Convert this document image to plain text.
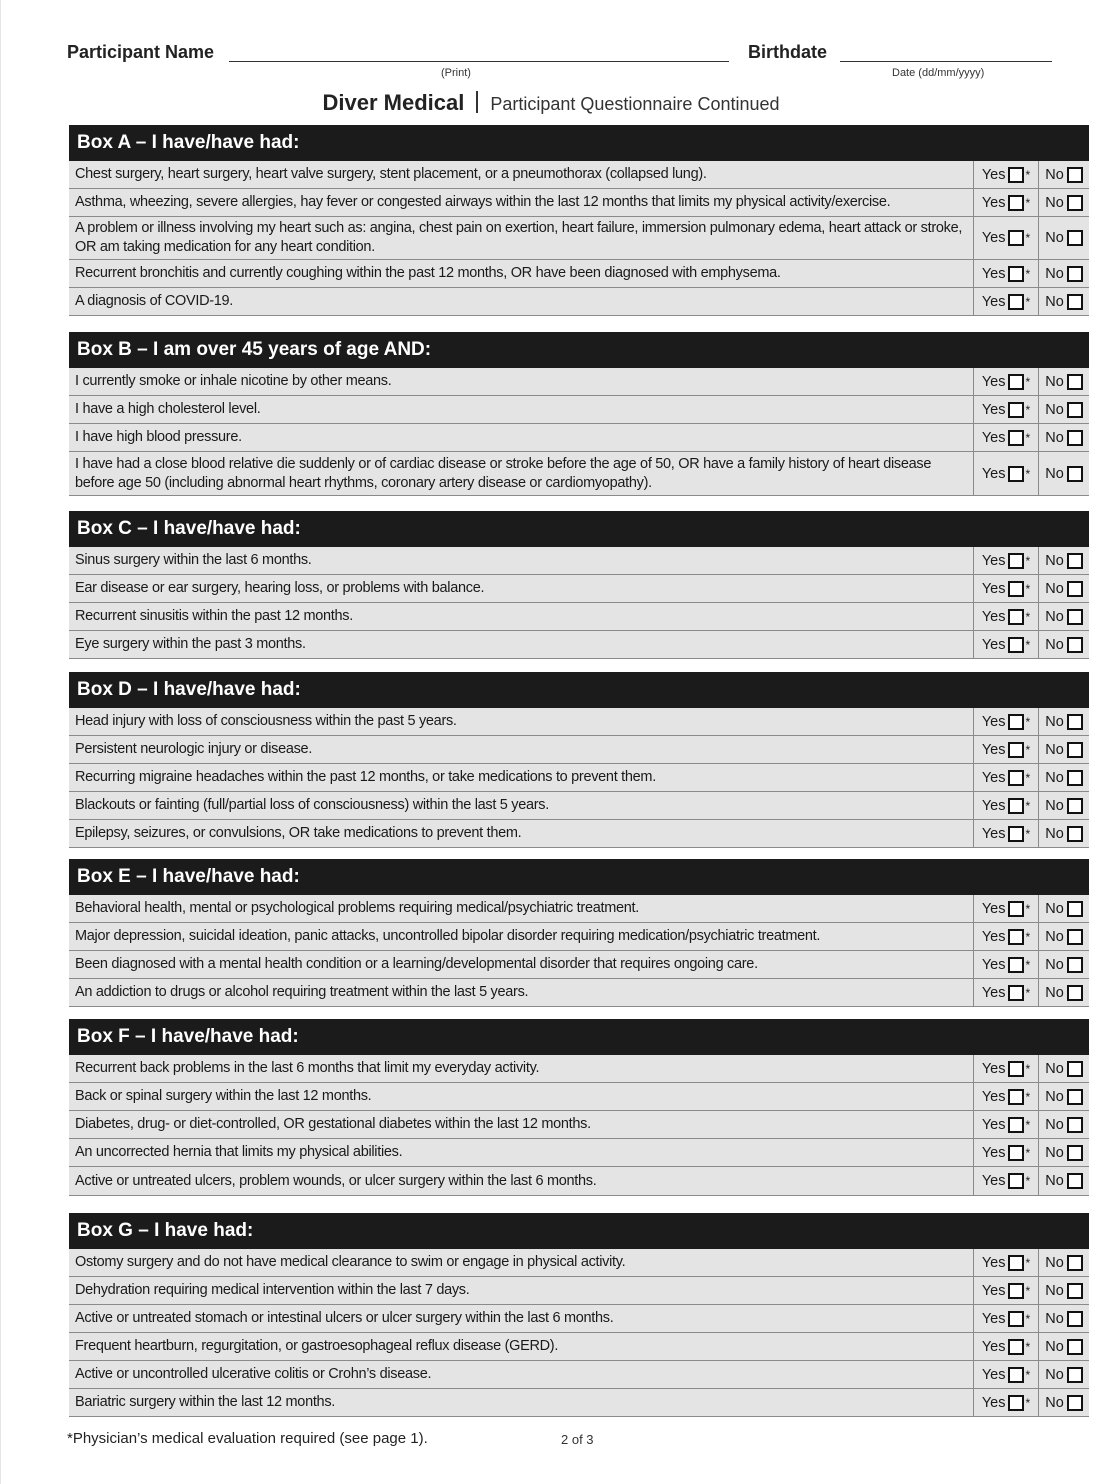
Participant Name
(Print)
Birthdate
Date (dd/mm/yyyy)
Diver Medical Participant Questionnaire Continued
Box A – I have/have had:
Chest surgery, heart surgery, heart valve surgery, stent placement, or a pneumothorax (collapsed lung).	Yes * No
Asthma, wheezing, severe allergies, hay fever or congested airways within the last 12 months that limits my physical activity/exercise.	Yes * No
A problem or illness involving my heart such as: angina, chest pain on exertion, heart failure, immersion pulmonary edema, heart attack or stroke, OR am taking medication for any heart condition.
Yes * No
Recurrent bronchitis and currently coughing within the past 12 months, OR have been diagnosed with emphysema.	Yes * No
A diagnosis of COVID-19.	Yes * No
Box B – I am over 45 years of age AND:
I currently smoke or inhale nicotine by other means.	Yes * No
I have a high cholesterol level.	Yes * No
I have high blood pressure.	Yes * No
I have had a close blood relative die suddenly or of cardiac disease or stroke before the age of 50, OR have a family history of heart disease before age 50 (including abnormal heart rhythms, coronary artery disease or cardiomyopathy).
Yes * No
Box C – I have/have had:
Sinus surgery within the last 6 months.	Yes * No
Ear disease or ear surgery, hearing loss, or problems with balance.	Yes * No
Recurrent sinusitis within the past 12 months.	Yes * No
Eye surgery within the past 3 months.	Yes * No
Box D – I have/have had:
Head injury with loss of consciousness within the past 5 years.	Yes * No
Persistent neurologic injury or disease.	Yes * No
Recurring migraine headaches within the past 12 months, or take medications to prevent them.	Yes * No
Blackouts or fainting (full/partial loss of consciousness) within the last 5 years.	Yes * No
Epilepsy, seizures, or convulsions, OR take medications to prevent them.	Yes * No
Box E – I have/have had:
Behavioral health, mental or psychological problems requiring medical/psychiatric treatment.	Yes * No
Major depression, suicidal ideation, panic attacks, uncontrolled bipolar disorder requiring medication/psychiatric treatment.	Yes * No
Been diagnosed with a mental health condition or a learning/developmental disorder that requires ongoing care.	Yes * No
An addiction to drugs or alcohol requiring treatment within the last 5 years.	Yes * No
Box F – I have/have had:
Recurrent back problems in the last 6 months that limit my everyday activity.	Yes * No
Back or spinal surgery within the last 12 months.	Yes * No
Diabetes, drug- or diet-controlled, OR gestational diabetes within the last 12 months.	Yes * No
An uncorrected hernia that limits my physical abilities.	Yes * No
Active or untreated ulcers, problem wounds, or ulcer surgery within the last 6 months.	Yes * No
Box G – I have had:
Ostomy surgery and do not have medical clearance to swim or engage in physical activity.	Yes * No
Dehydration requiring medical intervention within the last 7 days.	Yes * No
Active or untreated stomach or intestinal ulcers or ulcer surgery within the last 6 months.	Yes * No
Frequent heartburn, regurgitation, or gastroesophageal reflux disease (GERD).	Yes * No
Active or uncontrolled ulcerative colitis or Crohn’s disease.	Yes * No
Bariatric surgery within the last 12 months.	Yes * No
*Physician’s medical evaluation required (see page 1).	2 of 3
